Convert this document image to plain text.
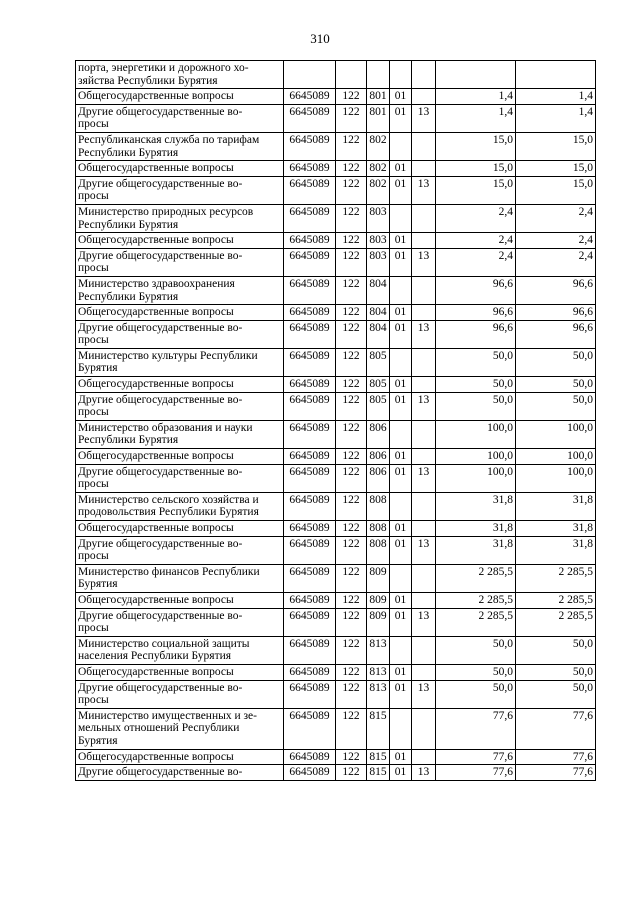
310
порта, энергетики и дорожного хо-
зяйства Республики Бурятия							

Общегосударственные вопросы	6645089	122	801	01		1,4	1,4

Другие общегосударственные во-
просы	6645089	122	801	01	13	1,4	1,4

Республиканская служба по тарифам
Республики Бурятия	6645089	122	802			15,0	15,0

Общегосударственные вопросы	6645089	122	802	01		15,0	15,0

Другие общегосударственные во-
просы	6645089	122	802	01	13	15,0	15,0

Министерство природных ресурсов
Республики Бурятия	6645089	122	803			2,4	2,4

Общегосударственные вопросы	6645089	122	803	01		2,4	2,4

Другие общегосударственные во-
просы	6645089	122	803	01	13	2,4	2,4

Министерство здравоохранения
Республики Бурятия	6645089	122	804			96,6	96,6

Общегосударственные вопросы	6645089	122	804	01		96,6	96,6

Другие общегосударственные во-
просы	6645089	122	804	01	13	96,6	96,6

Министерство культуры Республики
Бурятия	6645089	122	805			50,0	50,0

Общегосударственные вопросы	6645089	122	805	01		50,0	50,0

Другие общегосударственные во-
просы	6645089	122	805	01	13	50,0	50,0

Министерство образования и науки
Республики Бурятия	6645089	122	806			100,0	100,0

Общегосударственные вопросы	6645089	122	806	01		100,0	100,0

Другие общегосударственные во-
просы	6645089	122	806	01	13	100,0	100,0

Министерство сельского хозяйства и
продовольствия Республики Бурятия	6645089	122	808			31,8	31,8

Общегосударственные вопросы	6645089	122	808	01		31,8	31,8

Другие общегосударственные во-
просы	6645089	122	808	01	13	31,8	31,8

Министерство финансов Республики
Бурятия	6645089	122	809			2 285,5	2 285,5

Общегосударственные вопросы	6645089	122	809	01		2 285,5	2 285,5

Другие общегосударственные во-
просы	6645089	122	809	01	13	2 285,5	2 285,5

Министерство социальной защиты
населения Республики Бурятия	6645089	122	813			50,0	50,0

Общегосударственные вопросы	6645089	122	813	01		50,0	50,0

Другие общегосударственные во-
просы	6645089	122	813	01	13	50,0	50,0

Министерство имущественных и зе-
мельных отношений Республики
Бурятия	6645089	122	815			77,6	77,6

Общегосударственные вопросы	6645089	122	815	01		77,6	77,6

Другие общегосударственные во-	6645089	122	815	01	13	77,6	77,6
